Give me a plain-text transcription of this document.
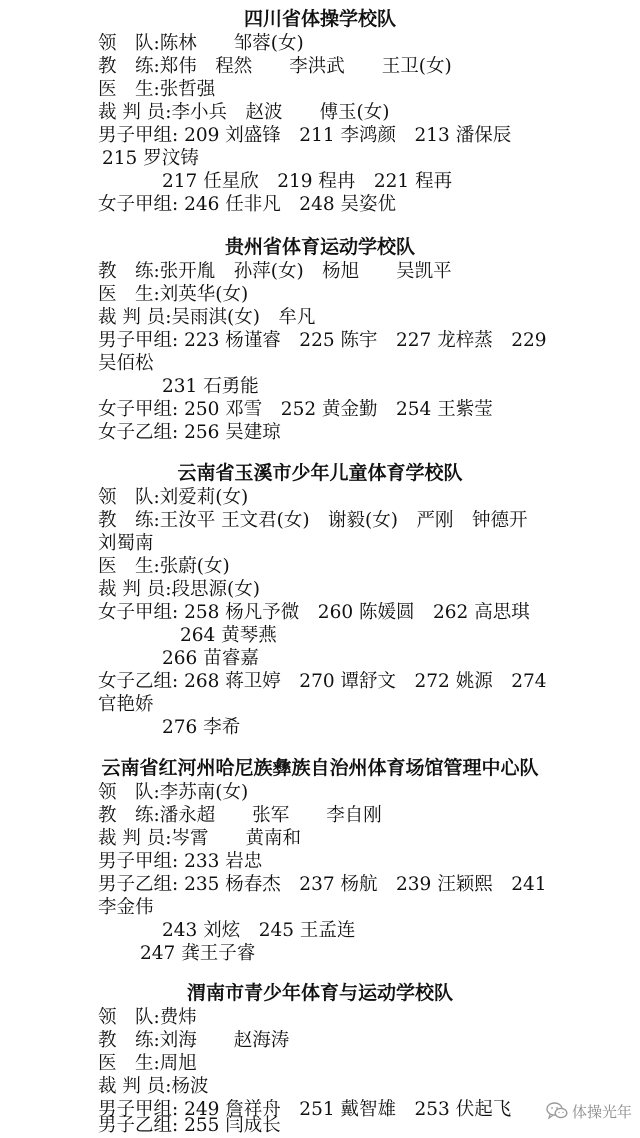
四川省体操学校队
领　队:陈林　　邹蓉(女)
教　练:郑伟　程然　　李洪武　　王卫(女)
医　生:张哲强
裁 判 员:李小兵　赵波　　傅玉(女)
男子甲组: 209 刘盛锋　211 李鸿颜　213 潘保辰
215 罗汶铸
217 任星欣　219 程冉　221 程再
女子甲组: 246 任非凡　248 吴姿优
贵州省体育运动学校队
教　练:张开胤　孙萍(女)　杨旭　　吴凯平
医　生:刘英华(女)
裁 判 员:吴雨淇(女)　牟凡
男子甲组: 223 杨谨睿　225 陈宇　227 龙梓蒸　229
吴佰松
231 石勇能
女子甲组: 250 邓雪　252 黄金勤　254 王紫莹
女子乙组: 256 吴建琼
云南省玉溪市少年儿童体育学校队
领　队:刘爱莉(女)
教　练:王汝平 王文君(女)　谢毅(女)　严刚　钟德开
刘蜀南
医　生:张蔚(女)
裁 判 员:段思源(女)
女子甲组: 258 杨凡予微　260 陈媛圆　262 高思琪
264 黄琴燕
266 苗睿嘉
女子乙组: 268 蒋卫婷　270 谭舒文　272 姚源　274
官艳娇
276 李希
云南省红河州哈尼族彝族自治州体育场馆管理中心队
领　队:李苏南(女)
教　练:潘永超　　张军　　李自刚
裁 判 员:岑霄　　黄南和
男子甲组: 233 岩忠
男子乙组: 235 杨春杰　237 杨航　239 汪颖熙　241
李金伟
243 刘炫　245 王孟连
247 龚王子睿
渭南市青少年体育与运动学校队
领　队:费炜
教　练:刘海　　赵海涛
医　生:周旭
裁 判 员:杨波
男子甲组: 249 詹祥舟　251 戴智雄　253 伏起飞
男子乙组: 255 闫成长
体操光年
